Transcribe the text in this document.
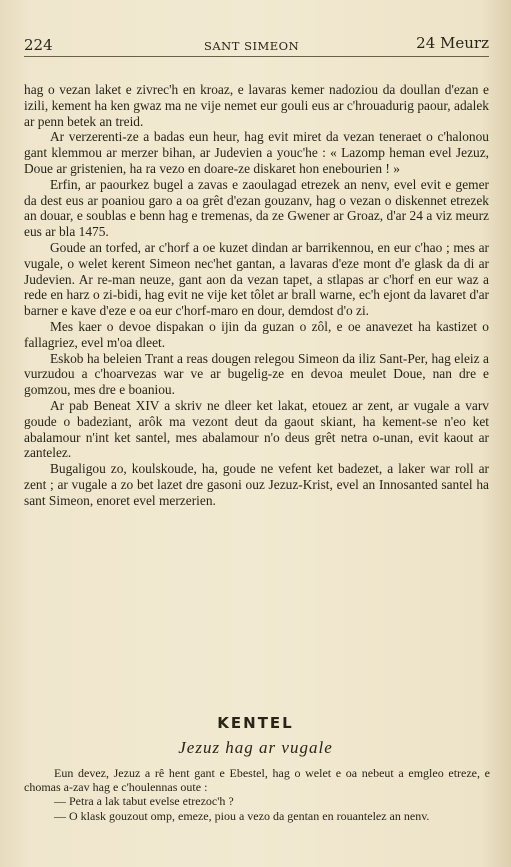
224	SANT SIMEON	24 Meurz

hag o vezan laket e zivrec'h en kroaz, e lavaras kemer nadoziou da doullan d'ezan e izili, kement ha ken gwaz ma ne vije nemet eur gouli eus ar c'hrouadurig paour, adalek ar penn betek an treid.

Ar verzerenti-ze a badas eun heur, hag evit miret da vezan teneraet o c'halonou gant klemmou ar merzer bihan, ar Judevien a youc'he : « Lazomp heman evel Jezuz, Doue ar gristenien, ha ra vezo en doare-ze diskaret hon enebourien ! »

Erfin, ar paourkez bugel a zavas e zaoulagad etrezek an nenv, evel evit e gemer da dest eus ar poaniou garo a oa grêt d'ezan gouzanv, hag o vezan o diskennet etrezek an douar, e soublas e benn hag e tremenas, da ze Gwener ar Groaz, d'ar 24 a viz meurz eus ar bla 1475.

Goude an torfed, ar c'horf a oe kuzet dindan ar barrikennou, en eur c'hao ; mes ar vugale, o welet kerent Simeon nec'het gantan, a lavaras d'eze mont d'e glask da di ar Judevien. Ar re-man neuze, gant aon da vezan tapet, a stlapas ar c'horf en eur waz a rede en harz o zi-bidi, hag evit ne vije ket tôlet ar brall warne, ec'h ejont da lavaret d'ar barner e kave d'eze e oa eur c'horf-maro en dour, demdost d'o zi.

Mes kaer o devoe dispakan o ijin da guzan o zôl, e oe anavezet ha kastizet o fallagriez, evel m'oa dleet.

Eskob ha beleien Trant a reas dougen relegou Simeon da iliz Sant-Per, hag eleiz a vurzudou a c'hoarvezas war ve ar bugelig-ze en devoa meulet Doue, nan dre e gomzou, mes dre e boaniou.

Ar pab Beneat XIV a skriv ne dleer ket lakat, etouez ar zent, ar vugale a varv goude o badeziant, arôk ma vezont deut da gaout skiant, ha kement-se n'eo ket abalamour n'int ket santel, mes abalamour n'o deus grêt netra o-unan, evit kaout ar zantelez.

Bugaligou zo, koulskoude, ha, goude ne vefent ket badezet, a laker war roll ar zent ; ar vugale a zo bet lazet dre gasoni ouz Jezuz-Krist, evel an Innosanted santel ha sant Simeon, enoret evel merzerien.

KENTEL
Jezuz hag ar vugale

Eun devez, Jezuz a rê hent gant e Ebestel, hag o welet e oa nebeut a emgleo etreze, e chomas a-zav hag e c'houlennas oute :

— Petra a lak tabut evelse etrezoc'h ?

— O klask gouzout omp, emeze, piou a vezo da gentan en rouantelez an nenv.
